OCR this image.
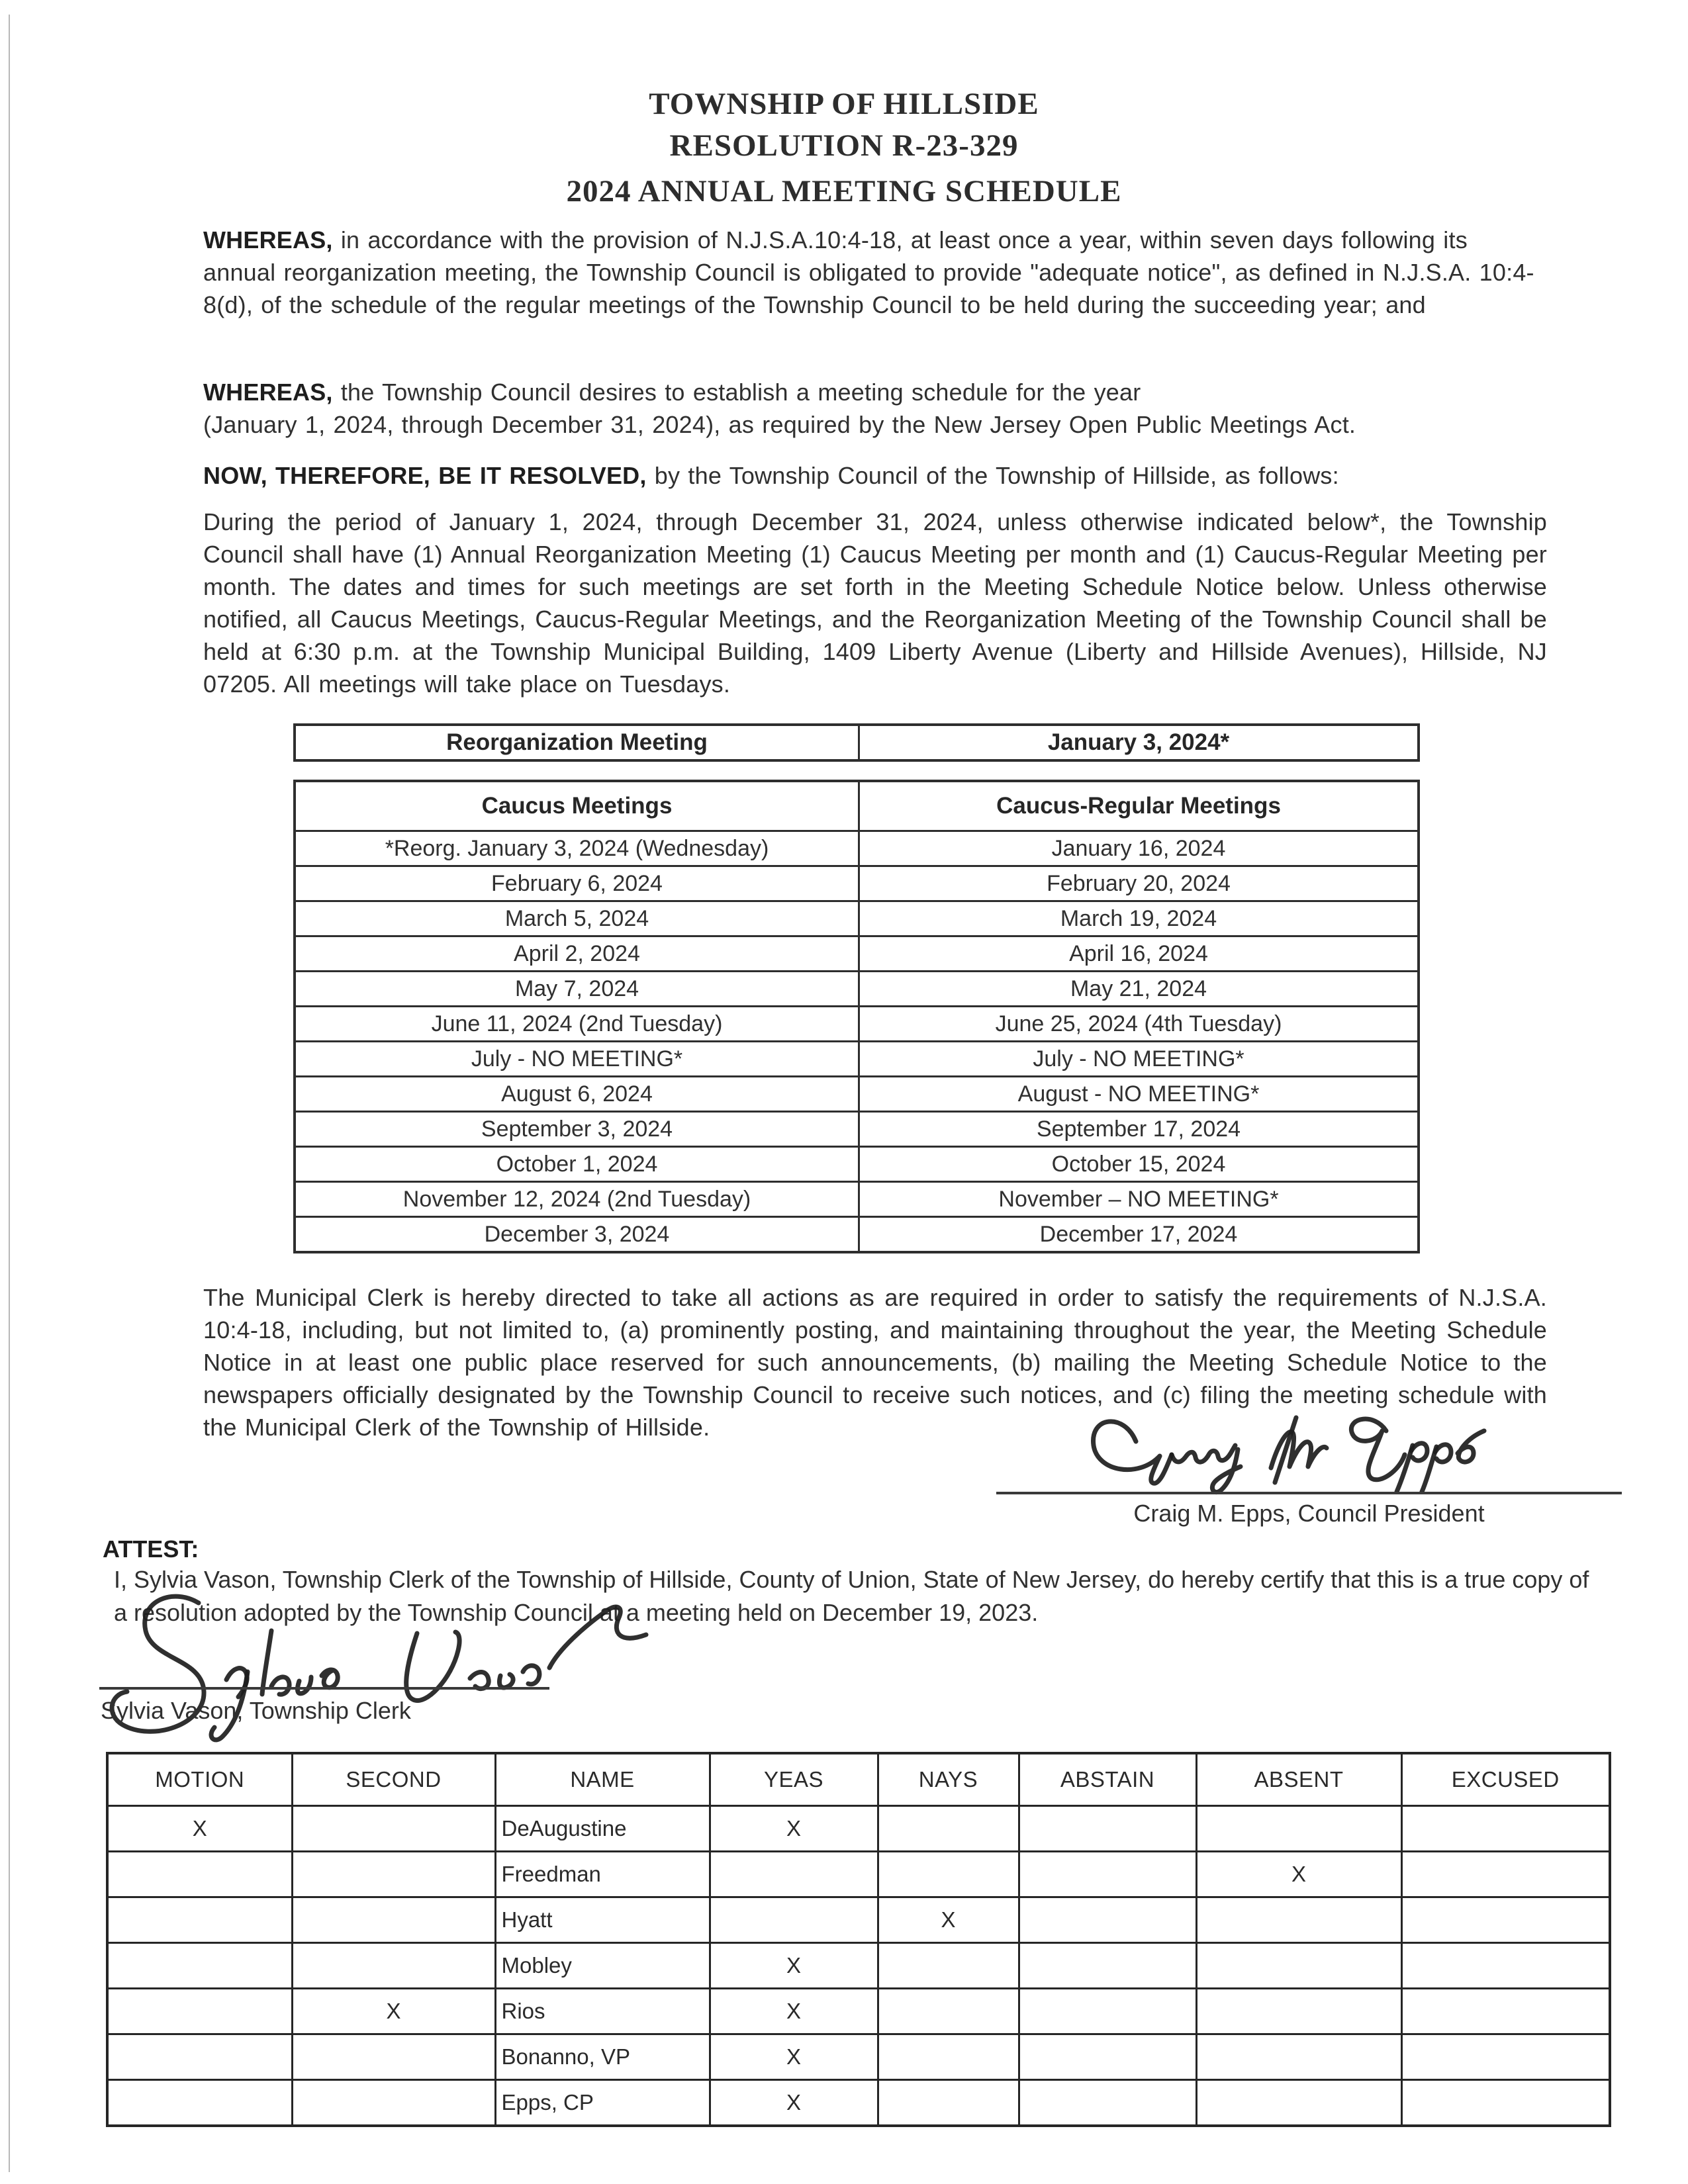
TOWNSHIP OF HILLSIDE
RESOLUTION R-23-329
2024 ANNUAL MEETING SCHEDULE
WHEREAS, in accordance with the provision of N.J.S.A.10:4-18, at least once a year, within seven days following its annual reorganization meeting, the Township Council is obligated to provide "adequate notice", as defined in N.J.S.A. 10:4-8(d), of the schedule of the regular meetings of the Township Council to be held during the succeeding year; and
WHEREAS, the Township Council desires to establish a meeting schedule for the year
(January 1, 2024, through December 31, 2024), as required by the New Jersey Open Public Meetings Act.
NOW, THEREFORE, BE IT RESOLVED, by the Township Council of the Township of Hillside, as follows:
During the period of January 1, 2024, through December 31, 2024, unless otherwise indicated below*, the Township Council shall have (1) Annual Reorganization Meeting (1) Caucus Meeting per month and (1) Caucus-Regular Meeting per month. The dates and times for such meetings are set forth in the Meeting Schedule Notice below. Unless otherwise notified, all Caucus Meetings, Caucus-Regular Meetings, and the Reorganization Meeting of the Township Council shall be held at 6:30 p.m. at the Township Municipal Building, 1409 Liberty Avenue (Liberty and Hillside Avenues), Hillside, NJ 07205. All meetings will take place on Tuesdays.
Reorganization Meeting	January 3, 2024*
Caucus Meetings	Caucus-Regular Meetings
*Reorg. January 3, 2024 (Wednesday)	January 16, 2024
February 6, 2024	February 20, 2024
March 5, 2024	March 19, 2024
April 2, 2024	April 16, 2024
May 7, 2024	May 21, 2024
June 11, 2024 (2nd Tuesday)	June 25, 2024 (4th Tuesday)
July - NO MEETING*	July - NO MEETING*
August 6, 2024	August - NO MEETING*
September 3, 2024	September 17, 2024
October 1, 2024	October 15, 2024
November 12, 2024 (2nd Tuesday)	November – NO MEETING*
December 3, 2024	December 17, 2024
The Municipal Clerk is hereby directed to take all actions as are required in order to satisfy the requirements of N.J.S.A. 10:4-18, including, but not limited to, (a) prominently posting, and maintaining throughout the year, the Meeting Schedule Notice in at least one public place reserved for such announcements, (b) mailing the Meeting Schedule Notice to the newspapers officially designated by the Township Council to receive such notices, and (c) filing the meeting schedule with the Municipal Clerk of the Township of Hillside.
Craig M. Epps, Council President
ATTEST:
I, Sylvia Vason, Township Clerk of the Township of Hillside, County of Union, State of New Jersey, do hereby certify that this is a true copy of a resolution adopted by the Township Council at a meeting held on December 19, 2023.
Sylvia Vason, Township Clerk
MOTION	SECOND	NAME	YEAS	NAYS	ABSTAIN	ABSENT	EXCUSED
X		DeAugustine	X				
		Freedman				X	
		Hyatt		X			
		Mobley	X				
	X	Rios	X				
		Bonanno, VP	X				
		Epps, CP	X				
